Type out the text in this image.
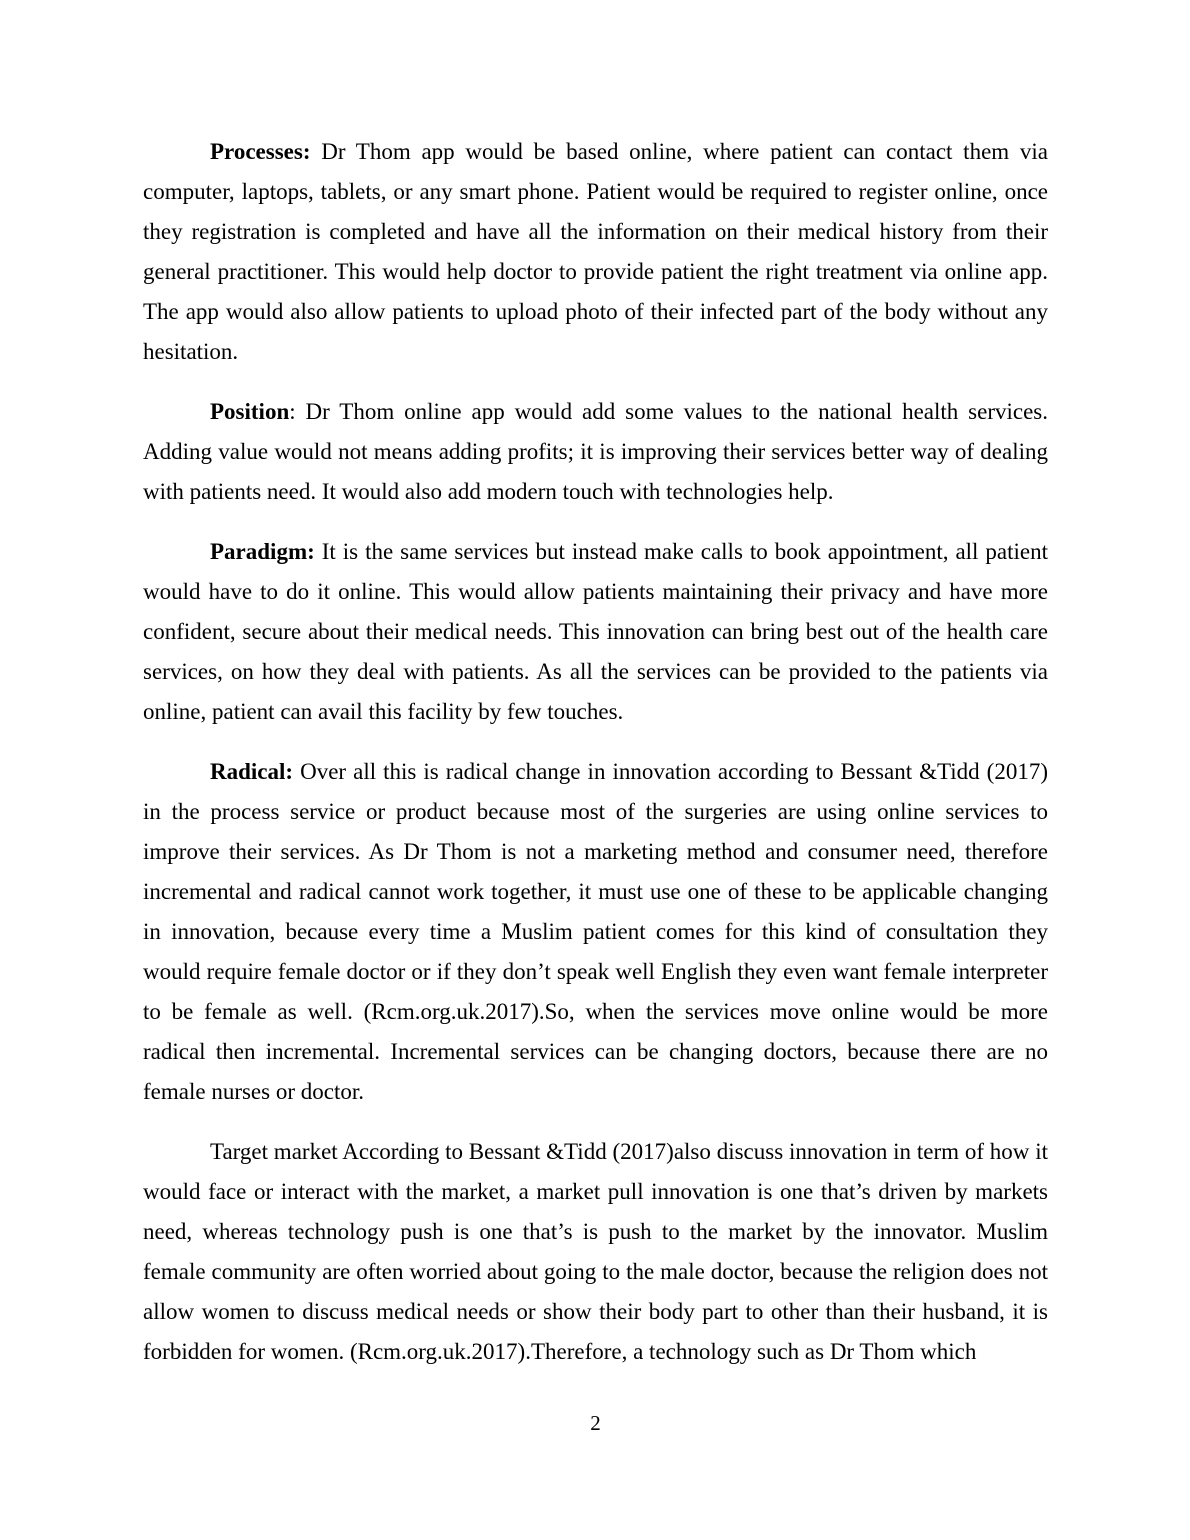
Processes: Dr Thom app would be based online, where patient can contact them via computer, laptops, tablets, or any smart phone. Patient would be required to register online, once they registration is completed and have all the information on their medical history from their general practitioner. This would help doctor to provide patient the right treatment via online app. The app would also allow patients to upload photo of their infected part of the body without any hesitation.

Position: Dr Thom online app would add some values to the national health services. Adding value would not means adding profits; it is improving their services better way of dealing with patients need. It would also add modern touch with technologies help.

Paradigm: It is the same services but instead make calls to book appointment, all patient would have to do it online. This would allow patients maintaining their privacy and have more confident, secure about their medical needs. This innovation can bring best out of the health care services, on how they deal with patients. As all the services can be provided to the patients via online, patient can avail this facility by few touches.

Radical: Over all this is radical change in innovation according to Bessant &Tidd (2017) in the process service or product because most of the surgeries are using online services to improve their services. As Dr Thom is not a marketing method and consumer need, therefore incremental and radical cannot work together, it must use one of these to be applicable changing in innovation, because every time a Muslim patient comes for this kind of consultation they would require female doctor or if they don’t speak well English they even want female interpreter to be female as well. (Rcm.org.uk.2017).So, when the services move online would be more radical then incremental. Incremental services can be changing doctors, because there are no female nurses or doctor.

Target market According to Bessant &Tidd (2017)also discuss innovation in term of how it would face or interact with the market, a market pull innovation is one that’s driven by markets need, whereas technology push is one that’s is push to the market by the innovator. Muslim female community are often worried about going to the male doctor, because the religion does not allow women to discuss medical needs or show their body part to other than their husband, it is forbidden for women. (Rcm.org.uk.2017).Therefore, a technology such as Dr Thom which

2
